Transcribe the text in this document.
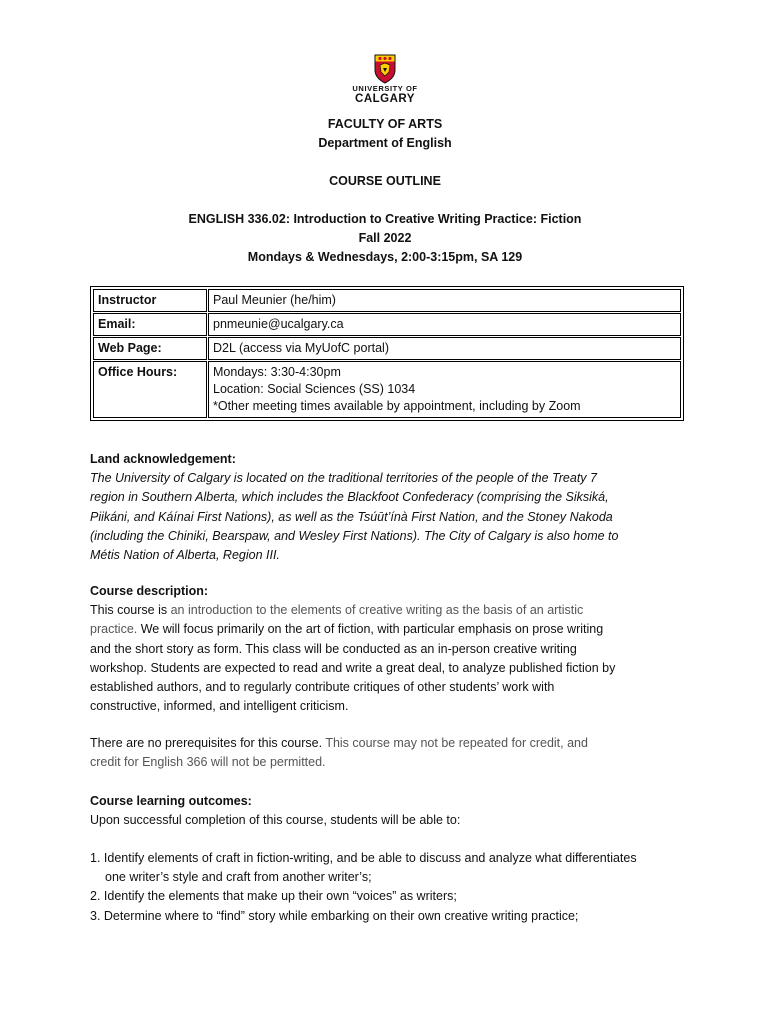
UNIVERSITY OF
CALGARY
FACULTY OF ARTS
Department of English
COURSE OUTLINE
ENGLISH 336.02: Introduction to Creative Writing Practice: Fiction
Fall 2022
Mondays & Wednesdays, 2:00-3:15pm, SA 129
Instructor	Paul Meunier (he/him)
Email:	pnmeunie@ucalgary.ca
Web Page:	D2L (access via MyUofC portal)
Office Hours:	Mondays: 3:30-4:30pm
Location: Social Sciences (SS) 1034
*Other meeting times available by appointment, including by Zoom
Land acknowledgement:
The University of Calgary is located on the traditional territories of the people of the Treaty 7
region in Southern Alberta, which includes the Blackfoot Confederacy (comprising the Siksiká,
Piikáni, and Káínai First Nations), as well as the Tsúūt’ínà First Nation, and the Stoney Nakoda
(including the Chiniki, Bearspaw, and Wesley First Nations). The City of Calgary is also home to
Métis Nation of Alberta, Region III.
Course description:
This course is an introduction to the elements of creative writing as the basis of an artistic
practice. We will focus primarily on the art of fiction, with particular emphasis on prose writing
and the short story as form. This class will be conducted as an in-person creative writing
workshop. Students are expected to read and write a great deal, to analyze published fiction by
established authors, and to regularly contribute critiques of other students’ work with
constructive, informed, and intelligent criticism.
There are no prerequisites for this course. This course may not be repeated for credit, and
credit for English 366 will not be permitted.
Course learning outcomes:
Upon successful completion of this course, students will be able to:
1. Identify elements of craft in fiction-writing, and be able to discuss and analyze what differentiates one writer’s style and craft from another writer’s;
2. Identify the elements that make up their own “voices” as writers;
3. Determine where to “find” story while embarking on their own creative writing practice;
